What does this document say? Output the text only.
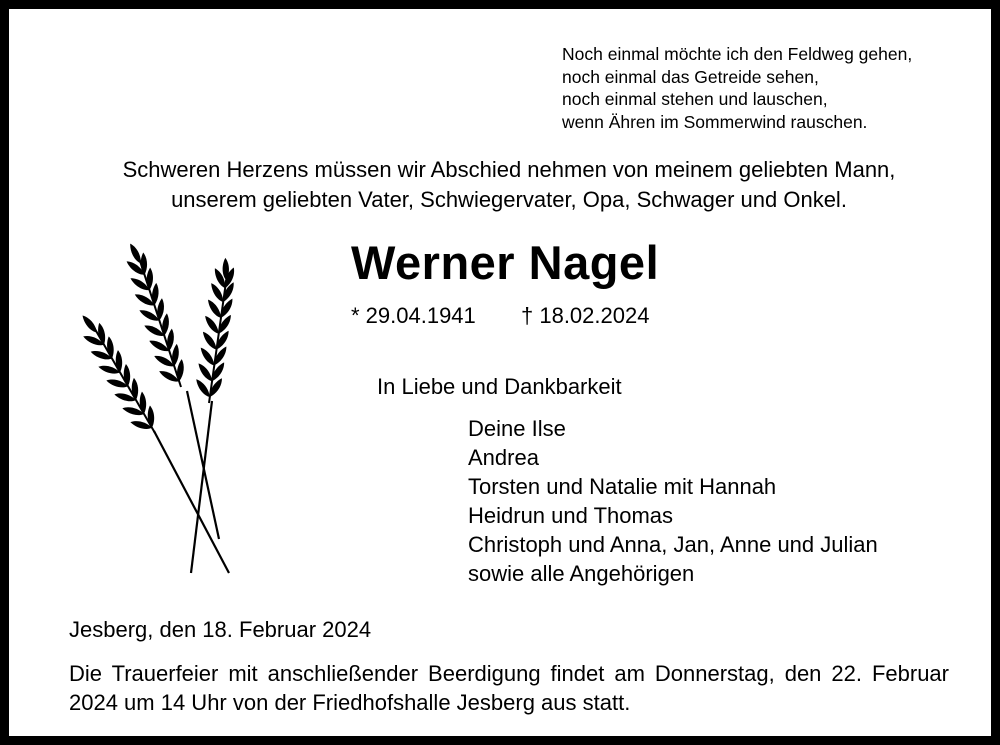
Noch einmal möchte ich den Feldweg gehen,
noch einmal das Getreide sehen,
noch einmal stehen und lauschen,
wenn Ähren im Sommerwind rauschen.
Schweren Herzens müssen wir Abschied nehmen von meinem geliebten Mann,
unserem geliebten Vater, Schwiegervater, Opa, Schwager und Onkel.
Werner Nagel
* 29.04.1941 † 18.02.2024
In Liebe und Dankbarkeit
Deine Ilse
Andrea
Torsten und Natalie mit Hannah
Heidrun und Thomas
Christoph und Anna, Jan, Anne und Julian
sowie alle Angehörigen
Jesberg, den 18. Februar 2024
Die Trauerfeier mit anschließender Beerdigung findet am Donnerstag, den 22. Februar 2024 um 14 Uhr von der Friedhofshalle Jesberg aus statt.
